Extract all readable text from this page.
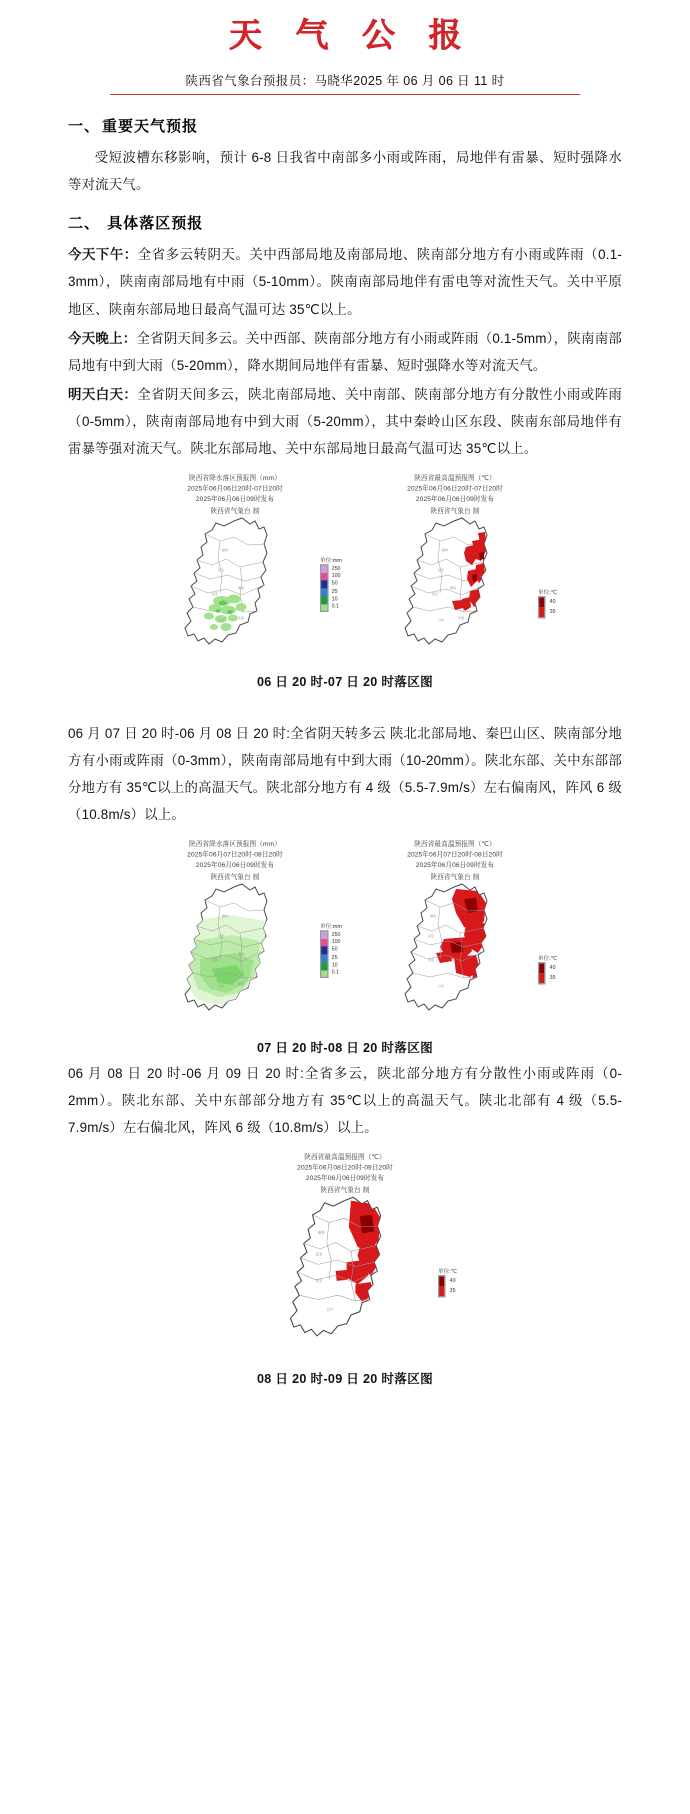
天 气 公 报
陕西省气象台预报员：马晓华2025 年 06 月 06 日 11 时
一、 重要天气预报

受短波槽东移影响，预计 6-8 日我省中南部多小雨或阵雨，局地伴有雷暴、短时强降水等对流天气。

二、 具体落区预报

今天下午：全省多云转阴天。关中西部局地及南部局地、陕南部分地方有小雨或阵雨（0.1-3mm），陕南南部局地有中雨（5-10mm）。陕南南部局地伴有雷电等对流性天气。关中平原地区、陕南东部局地日最高气温可达 35℃以上。

今天晚上：全省阴天间多云。关中西部、陕南部分地方有小雨或阵雨（0.1-5mm），陕南南部局地有中到大雨（5-20mm），降水期间局地伴有雷暴、短时强降水等对流天气。

明天白天：全省阴天间多云，陕北南部局地、关中南部、陕南部分地方有分散性小雨或阵雨（0-5mm），陕南南部局地有中到大雨（5-20mm），其中秦岭山区东段、陕南东部局地伴有雷暴等强对流天气。陕北东部局地、关中东部局地日最高气温可达 35℃以上。

陕西省降水落区预报图（mm）
2025年06月06日20时-07日20时
2025年06月06日09时发布
陕西省气象台 制
榆林
延安
西安
渭南
汉中	安康
单位:mm
250
100
50
25
10
0.1
陕西省最高温预报图（℃）
2025年06月06日20时-07日20时
2025年06月06日09时发布
陕西省气象台 制
榆林
延安
西安
渭南
汉中	安康
单位:℃
40
35
06 日 20 时-07 日 20 时落区图

06 月 07 日 20 时-06 月 08 日 20 时:全省阴天转多云 陕北北部局地、秦巴山区、陕南部分地方有小雨或阵雨（0-3mm），陕南南部局地有中到大雨（10-20mm）。陕北东部、关中东部部分地方有 35℃以上的高温天气。陕北部分地方有 4 级（5.5-7.9m/s）左右偏南风，阵风 6 级（10.8m/s）以上。

陕西省降水落区预报图（mm）
2025年06月07日20时-08日20时
2025年06月06日09时发布
陕西省气象台 制
榆林
延安
西安
渭南
汉中	安康
单位:mm
250
100
50
25
10
0.1
陕西省最高温预报图（℃）
2025年06月07日20时-08日20时
2025年06月06日09时发布
陕西省气象台 制
榆林
延安
西安
汉中
单位:℃
40
35
07 日 20 时-08 日 20 时落区图

06 月 08 日 20 时-06 月 09 日 20 时:全省多云，陕北部分地方有分散性小雨或阵雨（0-2mm）。陕北东部、关中东部部分地方有 35℃以上的高温天气。陕北北部有 4 级（5.5-7.9m/s）左右偏北风，阵风 6 级（10.8m/s）以上。

陕西省最高温预报图（℃）
2025年06月08日20时-09日20时
2025年06月06日09时发布
陕西省气象台 制
榆林
延安
西安
汉中
单位:℃
40
35
08 日 20 时-09 日 20 时落区图
